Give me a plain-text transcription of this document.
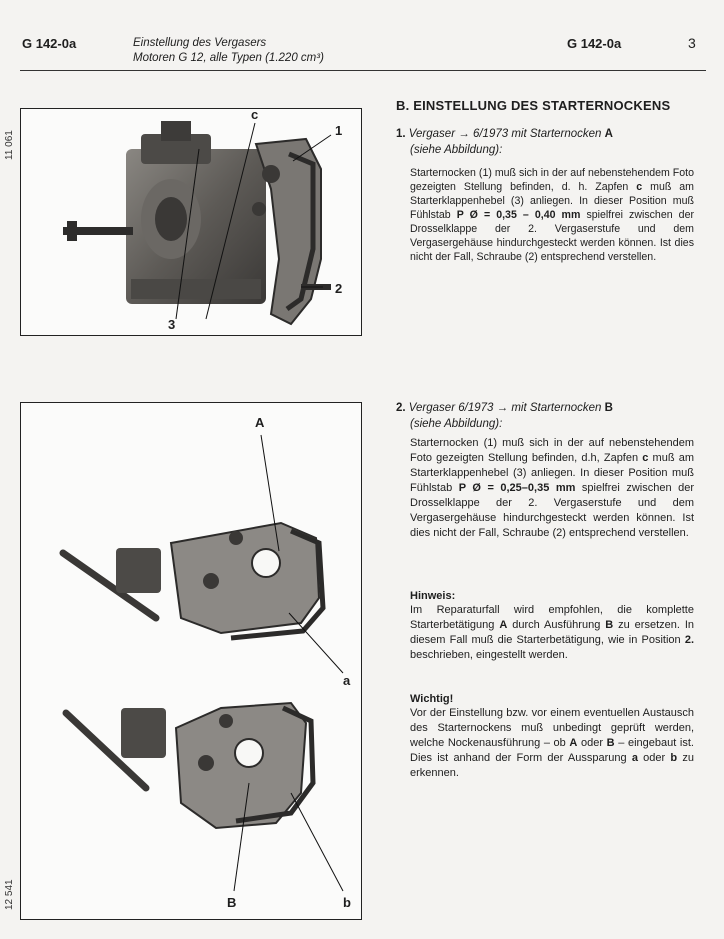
G 142-0a	Einstellung des Vergasers
Motoren G 12, alle Typen (1.220 cm³)
G 142-0a	3
11 061
12 541
c
1
2
3
A
a
B	b
B. EINSTELLUNG DES STARTERNOCKENS
1. Vergaser → 6/1973 mit Starternocken A
(siehe Abbildung):
Starternocken (1) muß sich in der auf nebenstehendem Foto gezeigten Stellung befinden, d. h. Zapfen c muß am Starterklappenhebel (3) anliegen. In dieser Position muß Fühlstab P Ø = 0,35 – 0,40 mm spielfrei zwischen der Drosselklappe der 2. Vergaserstufe und dem Vergasergehäuse hindurchgesteckt werden können. Ist dies nicht der Fall, Schraube (2) entsprechend verstellen.
2. Vergaser 6/1973 → mit Starternocken B
(siehe Abbildung):
Starternocken (1) muß sich in der auf nebenstehendem Foto gezeigten Stellung befinden, d.h, Zapfen c muß am Starterklappenhebel (3) anliegen. In dieser Position muß Fühlstab P Ø = 0,25–0,35 mm spielfrei zwischen der Drosselklappe der 2. Vergaserstufe und dem Vergasergehäuse hindurchgesteckt werden können. Ist dies nicht der Fall, Schraube (2) entsprechend verstellen.
Hinweis:
Im Reparaturfall wird empfohlen, die komplette Starterbetätigung A durch Ausführung B zu ersetzen. In diesem Fall muß die Starterbetätigung, wie in Position 2. beschrieben, eingestellt werden.
Wichtig!
Vor der Einstellung bzw. vor einem eventuellen Austausch des Starternockens muß unbedingt geprüft werden, welche Nockenausführung – ob A oder B – eingebaut ist. Dies ist anhand der Form der Aussparung a oder b zu erkennen.
